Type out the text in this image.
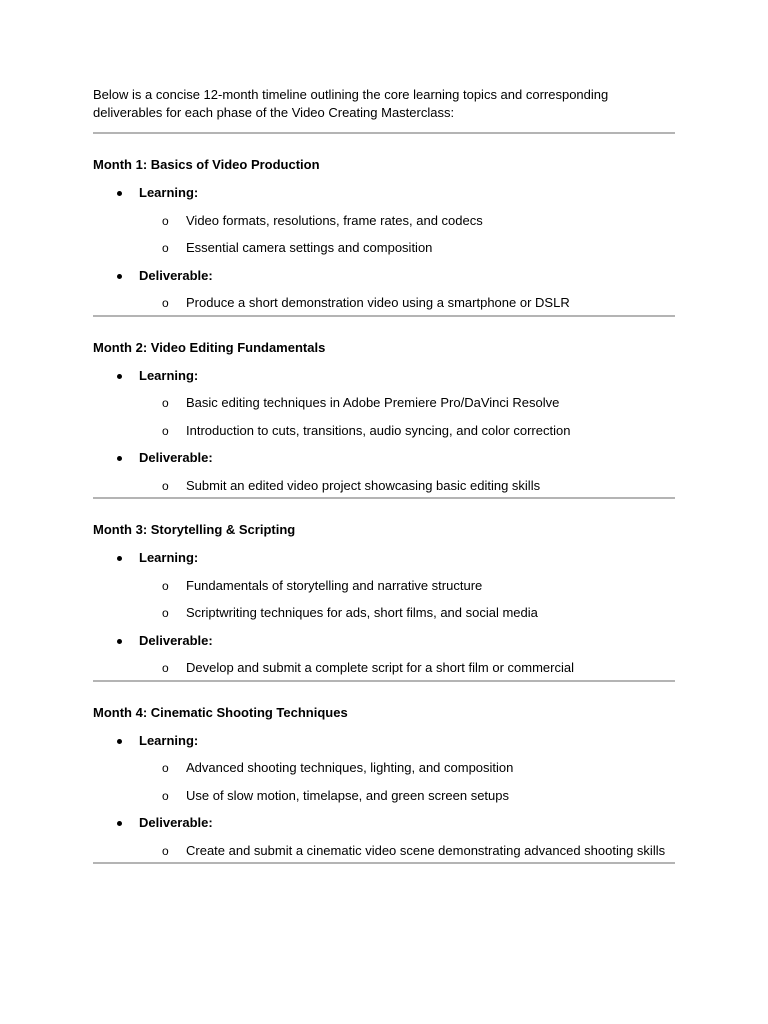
Below is a concise 12-month timeline outlining the core learning topics and corresponding deliverables for each phase of the Video Creating Masterclass:

Month 1: Basics of Video Production

Learning:
o Video formats, resolutions, frame rates, and codecs
o Essential camera settings and composition
Deliverable:
o Produce a short demonstration video using a smartphone or DSLR

Month 2: Video Editing Fundamentals

Learning:
o Basic editing techniques in Adobe Premiere Pro/DaVinci Resolve
o Introduction to cuts, transitions, audio syncing, and color correction
Deliverable:
o Submit an edited video project showcasing basic editing skills

Month 3: Storytelling & Scripting

Learning:
o Fundamentals of storytelling and narrative structure
o Scriptwriting techniques for ads, short films, and social media
Deliverable:
o Develop and submit a complete script for a short film or commercial

Month 4: Cinematic Shooting Techniques

Learning:
o Advanced shooting techniques, lighting, and composition
o Use of slow motion, timelapse, and green screen setups
Deliverable:
o Create and submit a cinematic video scene demonstrating advanced shooting skills
